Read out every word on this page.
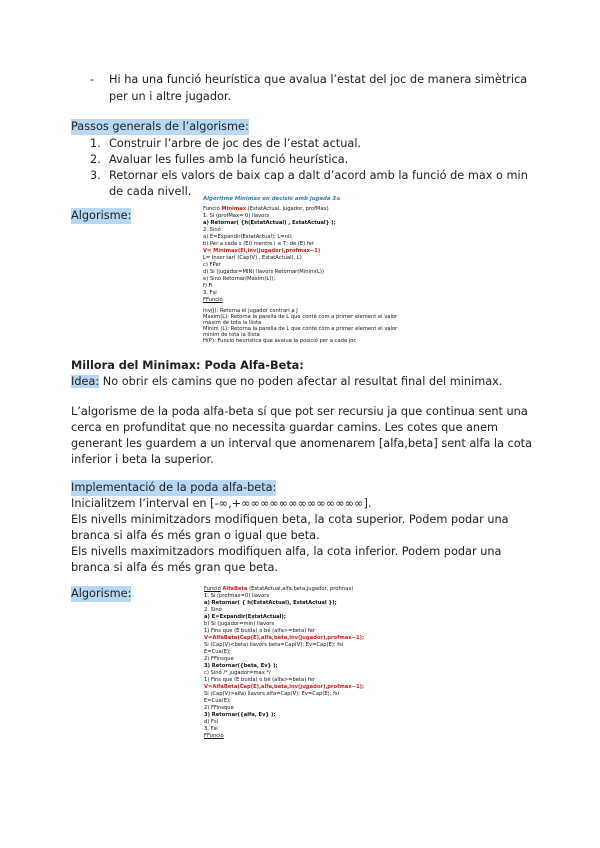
- Hi ha una funció heurística que avalua l’estat del joc de manera simètrica
per un i altre jugador.
Passos generals de l’algorisme:
1. Construir l’arbre de joc des de l’estat actual.
2. Avaluar les fulles amb la funció heurística.
3. Retornar els valors de baix cap a dalt d’acord amb la funció de max o min
de cada nivell.
Algorisme:
Algoritme Minimax en decisió amb jugada 3≤
Funció Minimax (EstatActual, jugador, profMax)
1. Si (profMax= 0) llavors
a) Retornar( {h(EstatActual) , EstatActual} );
2. Sinó
a) E=Expandir(EstatActual); L=nil;
b) Per a cada s (Ei) mentre i ≤ T; de (E) fer
V= Minimax(Ei,inv(jugador),profmax−1)
L= Inser tar( (Cap(V) , EstatActual), L)
c) FPer
d) Si (jugador=MIN) llavors Retornar(Minim(L))
e) Sinó Retornar(Maxim(L));
f) Fi
3. Fsi
FFunció
Inv(J): Retorna el jugador contrari a J
Maxim(L): Retorna la parella de L que conté com a primer element el valor
màxim de tota la llista
Minim (L): Retorna la parella de L que conté com a primer element el valor
mínim de tota la llista
H(P): Funció heurística que avalua la posició per a cada joc
Millora del Minimax: Poda Alfa-Beta:
Idea: No obrir els camins que no poden afectar al resultat final del minimax.
L’algorisme de la poda alfa-beta sí que pot ser recursiu ja que continua sent una
cerca en profunditat que no necessita guardar camins. Les cotes que anem
generant les guardem a un interval que anomenarem [alfa,beta] sent alfa la cota
inferior i beta la superior.
Implementació de la poda alfa-beta:
Inicialitzem l’interval en [-∞,+∞∞∞∞∞∞∞∞∞∞∞∞∞].
Els nivells minimitzadors modifiquen beta, la cota superior. Podem podar una
branca si alfa és més gran o igual que beta.
Els nivells maximitzadors modifiquen alfa, la cota inferior. Podem podar una
branca si alfa és més gran que beta.
Algorisme:	Funció AlfaBeta (EstatActual,alfa,beta,jugador, profmax)
1. Si (profmax=0) llavors
a) Retornar( { h(EstatActual), EstatActual });
2. Sinó
a) E=Expandir(EstatActual);
b) Si (jugador=min) llavors
1) Fins que (E buida) o bé (alfa>=beta) fer
V=AlfaBeta(Cap(E),alfa,beta,inv(jugador),profmax−1);
Si (Cap(V)<beta) llavors beta=Cap(V); Ev=Cap(E); fsi
E=Cua(E);
2) FFinsque
3) Retornar({beta, Ev} );
c) Sinó /* jugador=max */
1) Fins que (E buida) o bé (alfa>=beta) fer
V=AlfaBeta(Cap(E),alfa,beta,inv(jugador),profmax−1);
Si (Cap(V)>alfa) llavors alfa=Cap(V); Ev=Cap(E); fsi
E=Cua(E);
2) FFinsque
3) Retornar({alfa, Ev} );
d) Fsi
3. Fsi
FFunció
